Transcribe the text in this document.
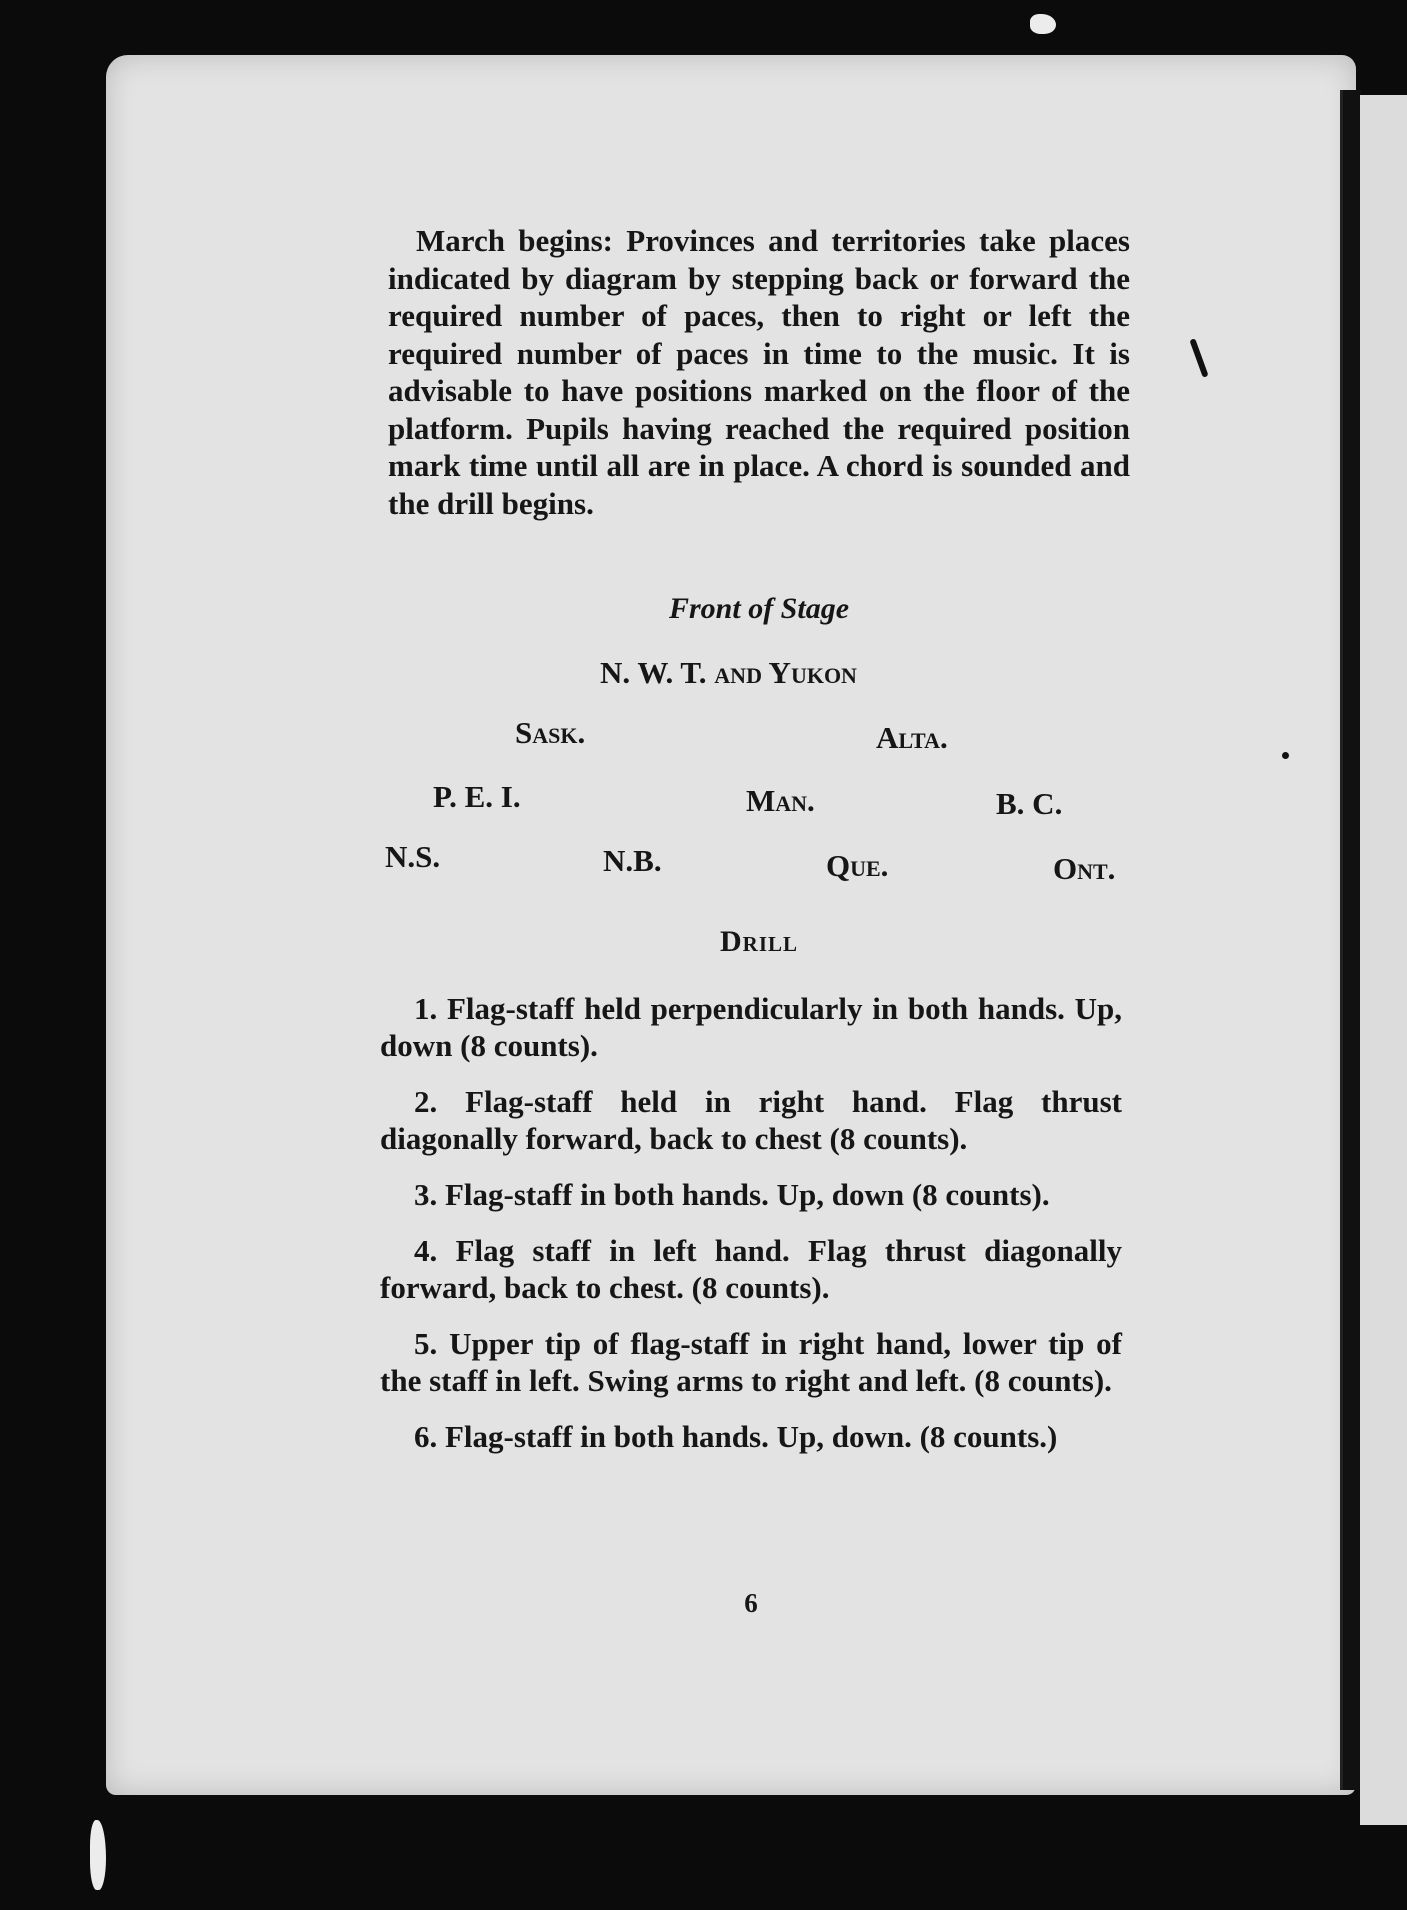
March begins: Provinces and territories take places indicated by diagram by stepping back or forward the required number of paces, then to right or left the required number of paces in time to the music. It is advisable to have positions marked on the floor of the platform. Pupils having reached the required position mark time until all are in place. A chord is sounded and the drill begins.
Front of Stage
N. W. T. and Yukon
Sask.	Alta.
P. E. I.	Man.	B. C.
N.S.	N.B.	Que.	Ont.
Drill
1. Flag-staff held perpendicularly in both hands. Up, down (8 counts).
2. Flag-staff held in right hand. Flag thrust diagonally forward, back to chest (8 counts).
3. Flag-staff in both hands. Up, down (8 counts).
4. Flag staff in left hand. Flag thrust diagonally forward, back to chest. (8 counts).
5. Upper tip of flag-staff in right hand, lower tip of the staff in left. Swing arms to right and left. (8 counts).
6. Flag-staff in both hands. Up, down. (8 counts.)
6
